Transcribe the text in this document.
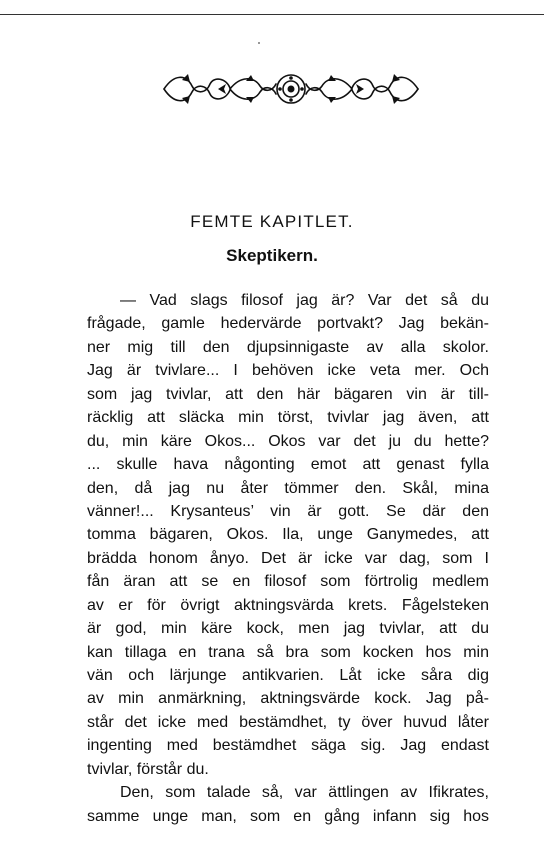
FEMTE KAPITLET.
Skeptikern.
— Vad slags filosof jag är? Var det så du
frågade, gamle hedervärde portvakt? Jag bekän-
ner mig till den djupsinnigaste av alla skolor.
Jag är tvivlare... I behöven icke veta mer. Och
som jag tvivlar, att den här bägaren vin är till-
räcklig att släcka min törst, tvivlar jag även, att
du, min käre Okos... Okos var det ju du hette?
... skulle hava någonting emot att genast fylla
den, då jag nu åter tömmer den. Skål, mina
vänner!... Krysanteus’ vin är gott. Se där den
tomma bägaren, Okos. Ila, unge Ganymedes, att
brädda honom ånyo. Det är icke var dag, som I
fån äran att se en filosof som förtrolig medlem
av er för övrigt aktningsvärda krets. Fågelsteken
är god, min käre kock, men jag tvivlar, att du
kan tillaga en trana så bra som kocken hos min
vän och lärjunge antikvarien. Låt icke såra dig
av min anmärkning, aktningsvärde kock. Jag på-
står det icke med bestämdhet, ty över huvud låter
ingenting med bestämdhet säga sig. Jag endast
tvivlar, förstår du.
Den, som talade så, var ättlingen av Ifikrates,
samme unge man, som en gång infann sig hos
